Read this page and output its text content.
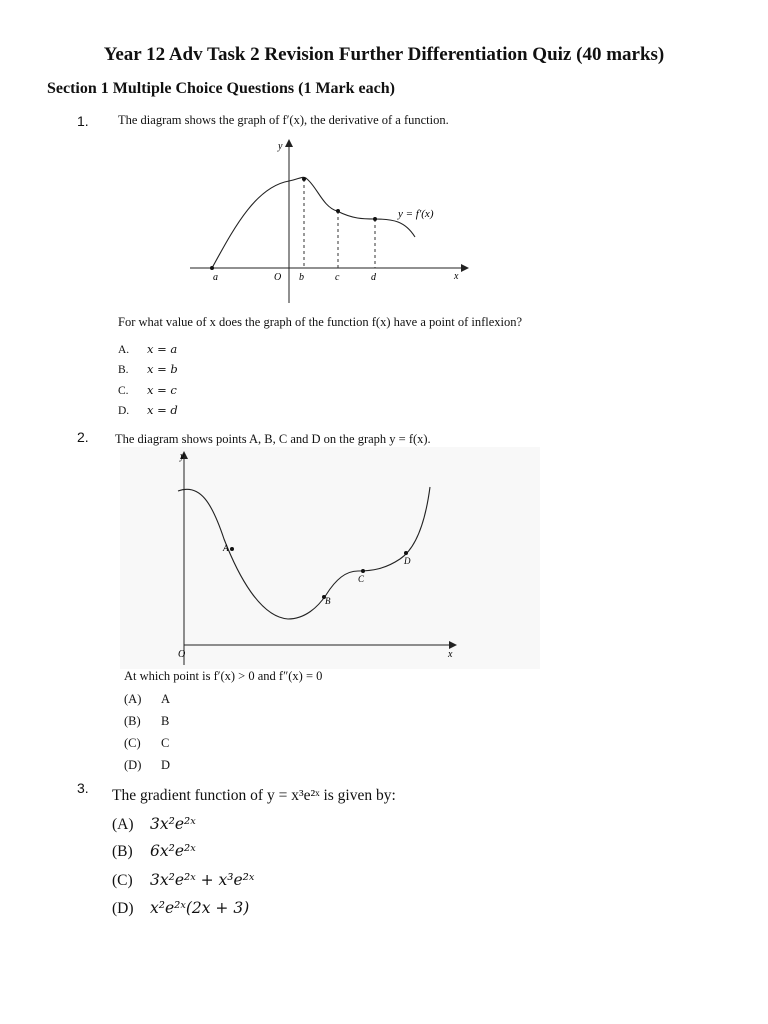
Year 12 Adv Task 2 Revision Further Differentiation Quiz (40 marks)
Section 1 Multiple Choice Questions (1 Mark each)
1. The diagram shows the graph of f′(x), the derivative of a function.
y
x
O
a	b	c	d
y = f′(x)
For what value of x does the graph of the function f(x) have a point of inflexion?
A. x = a
B. x = b
C. x = c
D. x = d
2. The diagram shows points A, B, C and D on the graph y = f(x).
y
x
O
A
B
C
D
At which point is f′(x) > 0 and f″(x) = 0
(A) A
(B) B
(C) C
(D) D
3. The gradient function of y = x³e²ˣ is given by:
(A) 3x²e²ˣ
(B) 6x²e²ˣ
(C) 3x²e²ˣ + x³e²ˣ
(D) x²e²ˣ(2x + 3)
